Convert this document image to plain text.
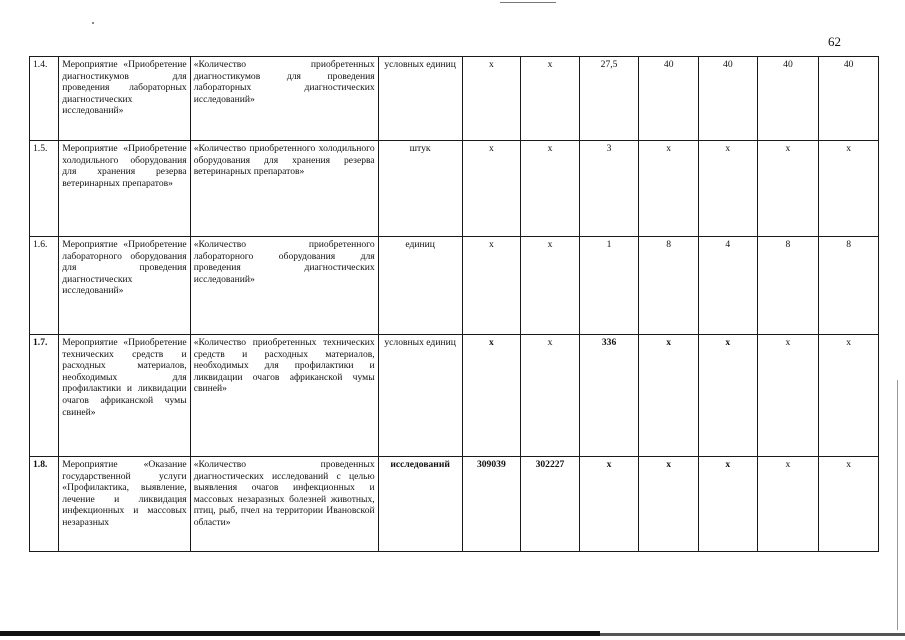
62
1.4.	Мероприятие «Приобретение диагностикумов для проведения лабораторных диагностических исследований»	«Количество приобретенных диагностикумов для проведения лабораторных диагностических исследований»	условных единиц	х	х	27,5	40	40	40	40
1.5.	Мероприятие «Приобретение холодильного оборудования для хранения резерва ветеринарных препаратов»	«Количество приобретенного холодильного оборудования для хранения резерва ветеринарных препаратов»	штук	х	х	3	х	х	х	х
1.6.	Мероприятие «Приобретение лабораторного оборудования для проведения диагностических исследований»	«Количество приобретенного лабораторного оборудования для проведения диагностических исследований»	единиц	х	х	1	8	4	8	8
1.7.	Мероприятие «Приобретение технических средств и расходных материалов, необходимых для профилактики и ликвидации очагов африканской чумы свиней»	«Количество приобретенных технических средств и расходных материалов, необходимых для профилактики и ликвидации очагов африканской чумы свиней»	условных единиц	х	х	336	х	х	х	х
1.8.	Мероприятие «Оказание государственной услуги «Профилактика, выявление, лечение и ликвидация инфекционных и массовых незаразных	«Количество проведенных диагностических исследований с целью выявления очагов инфекционных и массовых незаразных болезней животных, птиц, рыб, пчел на территории Ивановской области»	исследований	309039	302227	х	х	х	х	х
